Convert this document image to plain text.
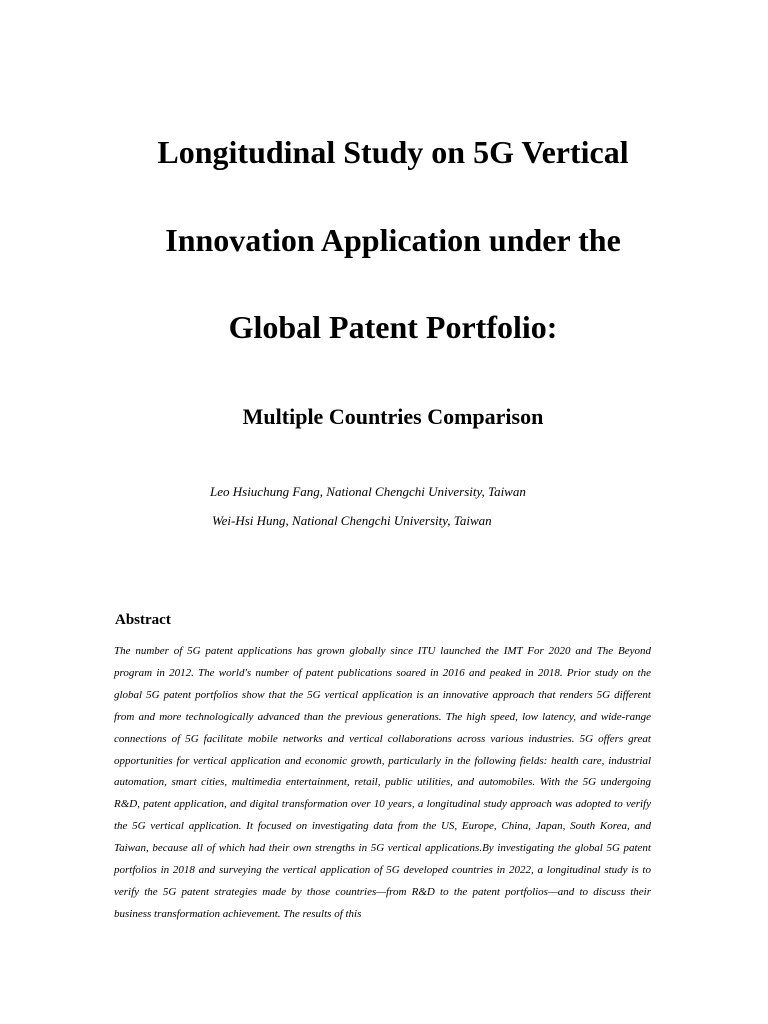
Longitudinal Study on 5G Vertical
Innovation Application under the
Global Patent Portfolio:
Multiple Countries Comparison
Leo Hsiuchung Fang, National Chengchi University, Taiwan
Wei-Hsi Hung, National Chengchi University, Taiwan
Abstract

The number of 5G patent applications has grown globally since ITU launched the IMT For 2020 and The Beyond program in 2012. The world's number of patent publications soared in 2016 and peaked in 2018. Prior study on the global 5G patent portfolios show that the 5G vertical application is an innovative approach that renders 5G different from and more technologically advanced than the previous generations. The high speed, low latency, and wide-range connections of 5G facilitate mobile networks and vertical collaborations across various industries. 5G offers great opportunities for vertical application and economic growth, particularly in the following fields: health care, industrial automation, smart cities, multimedia entertainment, retail, public utilities, and automobiles. With the 5G undergoing R&D, patent application, and digital transformation over 10 years, a longitudinal study approach was adopted to verify the 5G vertical application. It focused on investigating data from the US, Europe, China, Japan, South Korea, and Taiwan, because all of which had their own strengths in 5G vertical applications.By investigating the global 5G patent portfolios in 2018 and surveying the vertical application of 5G developed countries in 2022, a longitudinal study is to verify the 5G patent strategies made by those countries—from R&D to the patent portfolios—and to discuss their business transformation achievement. The results of this
